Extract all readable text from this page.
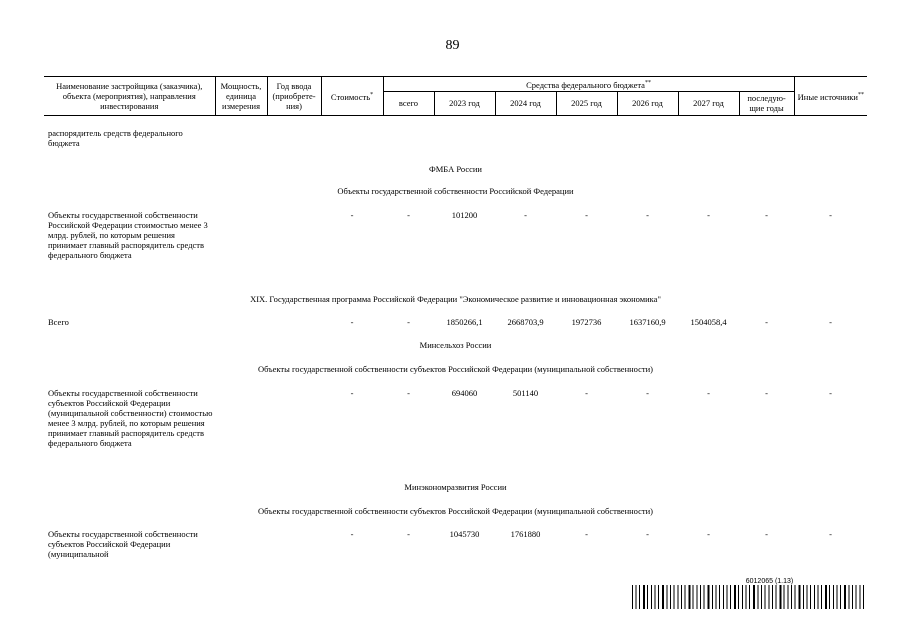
89
Наименование застройщика (заказчика), объекта (мероприятия), направления инвестирования	Мощность, единица измерения	Год ввода (приобрете-ния)	Стоимость*	Средства федерального бюджета**							Иные источники**
				всего	2023 год	2024 год	2025 год	2026 год	2027 год	последую-щие годы	
распорядитель средств федерального бюджета
ФМБА России
Объекты государственной собственности Российской Федерации
Объекты государственной собственности Российской Федерации стоимостью менее 3 млрд. рублей, по которым решения принимает главный распорядитель средств федерального бюджета
-	-	101200	-	-	-	-	-	-
XIX. Государственная программа Российской Федерации "Экономическое развитие и инновационная экономика"
Всего	-	-	1850266,1	2668703,9	1972736	1637160,9	1504058,4	-	-
Минсельхоз России
Объекты государственной собственности субъектов Российской Федерации (муниципальной собственности)
Объекты государственной собственности субъектов Российской Федерации (муниципальной собственности) стоимостью менее 3 млрд. рублей, по которым решения принимает главный распорядитель средств федерального бюджета
-	-	694060	501140	-	-	-	-	-
Минэкономразвития России
Объекты государственной собственности субъектов Российской Федерации (муниципальной собственности)
Объекты государственной собственности субъектов Российской Федерации (муниципальной
-	-	1045730	1761880	-	-	-	-	-
6012065 (1.13)
